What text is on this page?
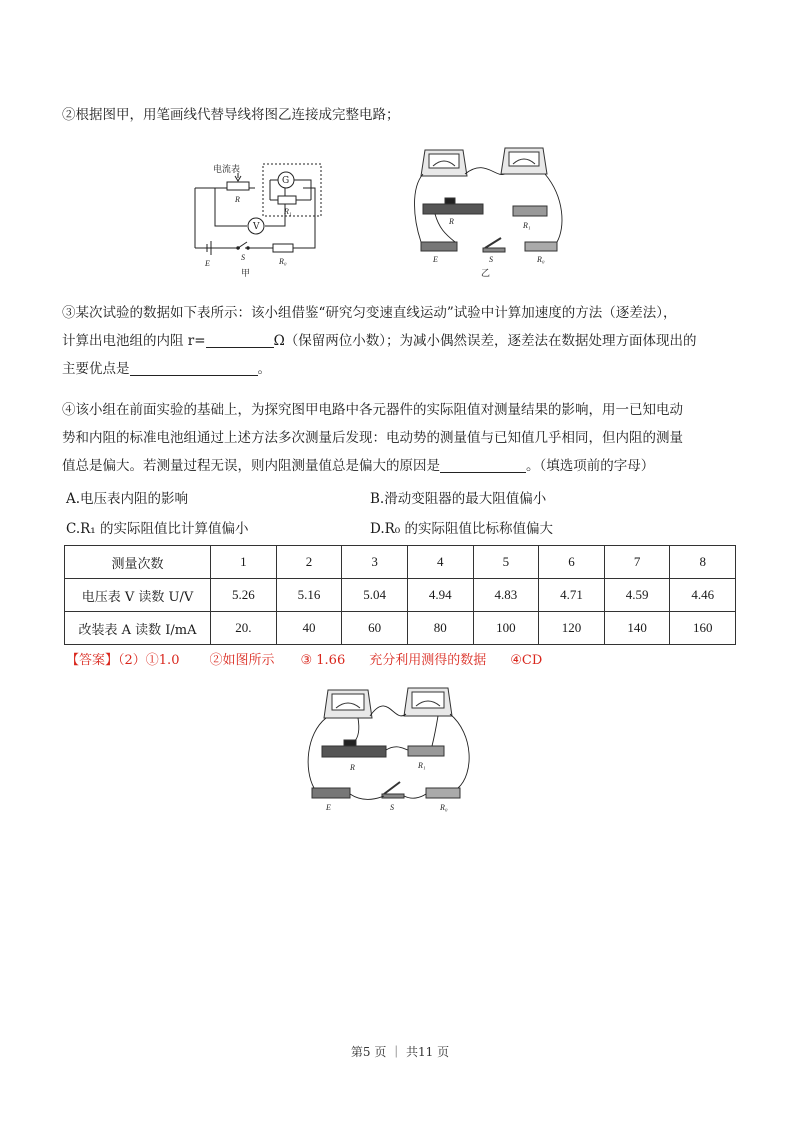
②根据图甲，用笔画线代替导线将图乙连接成完整电路；
电流表
G
V
R
R₁
E
S	R₀
甲
R	R₁
E	S	R₀
乙
③某次试验的数据如下表所示：该小组借鉴“研究匀变速直线运动”试验中计算加速度的方法（逐差法），
计算出电池组的内阻 r=	Ω（保留两位小数）；为减小偶然误差，逐差法在数据处理方面体现出的
主要优点是	。
④该小组在前面实验的基础上，为探究图甲电路中各元器件的实际阻值对测量结果的影响，用一已知电动
势和内阻的标准电池组通过上述方法多次测量后发现：电动势的测量值与已知值几乎相同，但内阻的测量
值总是偏大。若测量过程无误，则内阻测量值总是偏大的原因是	。（填选项前的字母）
A.电压表内阻的影响	B.滑动变阻器的最大阻值偏小
C.R₁ 的实际阻值比计算值偏小	D.R₀ 的实际阻值比标称值偏大
测量次数	1	2	3	4	5	6	7	8
电压表 V 读数 U/V	5.26	5.16	5.04	4.94	4.83	4.71	4.59	4.46
改装表 A 读数 I/mA	20.	40	60	80	100	120	140	160
【答案】（2）①1.0 ②如图所示 ③ 1.66 充分利用测得的数据 ④CD
R	R₁
E	S	R₀
第5 页 ｜ 共11 页
